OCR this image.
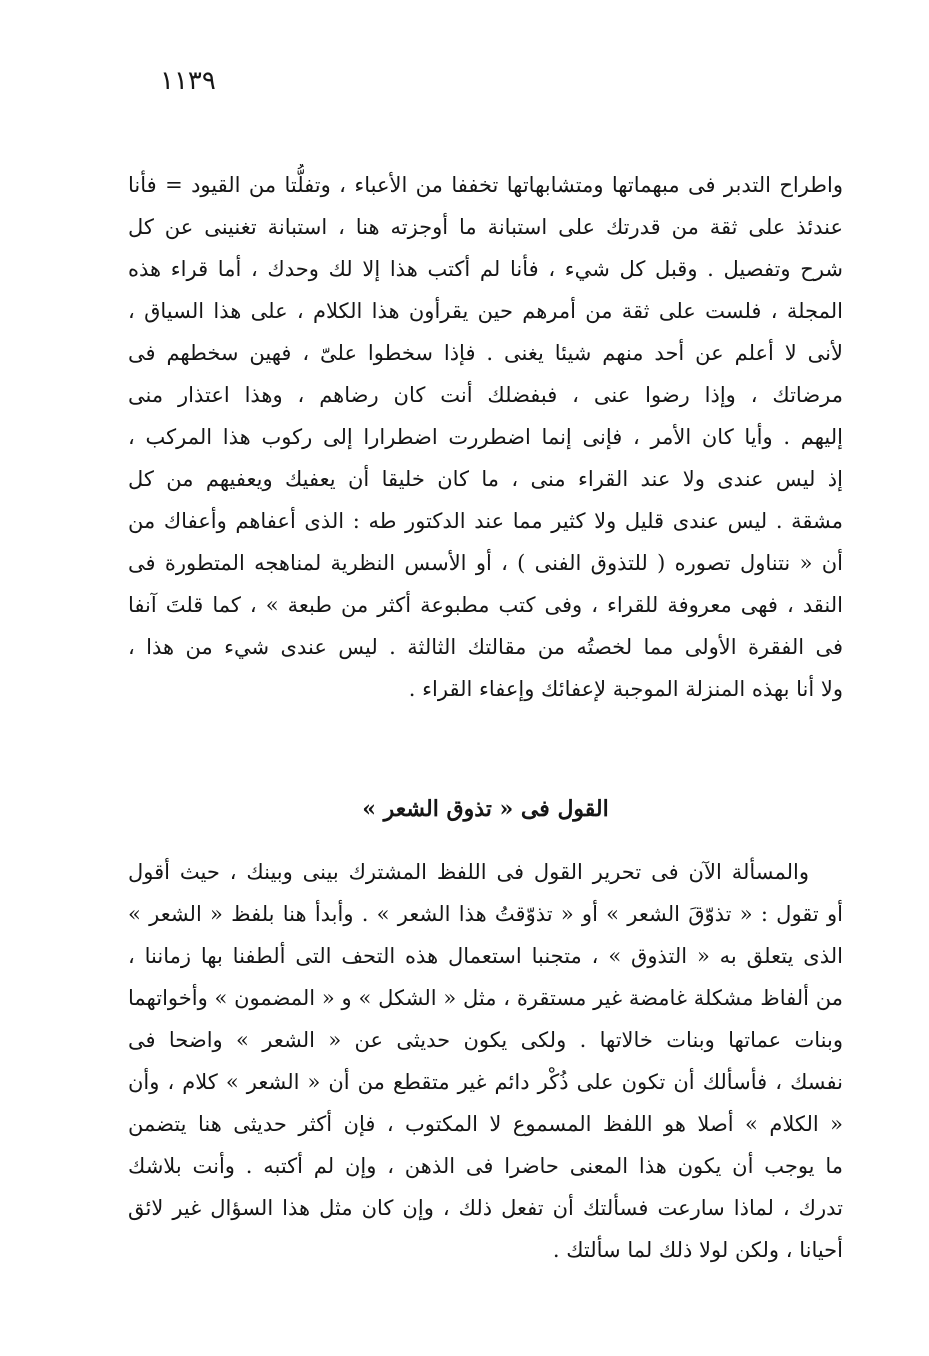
١١٣٩
واطراح التدبر فى مبهماتها ومتشابهاتها تخففا من الأعباء ، وتفلُّتا من القيود = فأنا
عندئذ على ثقة من قدرتك على استبانة ما أوجزته هنا ، استبانة تغنينى عن كل
شرح وتفصيل . وقبل كل شيء ، فأنا لم أكتب هذا إلا لك وحدك ، أما قراء هذه
المجلة ، فلست على ثقة من أمرهم حين يقرأون هذا الكلام ، على هذا السياق ،
لأنى لا أعلم عن أحد منهم شيئا يغنى . فإذا سخطوا علىّ ، فهين سخطهم فى
مرضاتك ، وإذا رضوا عنى ، فبفضلك أنت كان رضاهم ، وهذا اعتذار منى
إليهم . وأيا كان الأمر ، فإنى إنما اضطررت اضطرارا إلى ركوب هذا المركب ،
إذ ليس عندى ولا عند القراء منى ، ما كان خليقا أن يعفيك ويعفيهم من كل
مشقة . ليس عندى قليل ولا كثير مما عند الدكتور طه : الذى أعفاهم وأعفاك من
أن « نتناول تصوره ( للتذوق الفنى ) ، أو الأسس النظرية لمناهجه المتطورة فى
النقد ، فهى معروفة للقراء ، وفى كتب مطبوعة أكثر من طبعة » ، كما قلتَ آنفا
فى الفقرة الأولى مما لخصتُه من مقالتك الثالثة . ليس عندى شيء من هذا ،
ولا أنا بهذه المنزلة الموجبة لإعفائك وإعفاء القراء .
القول فى « تذوق الشعر »
والمسألة الآن فى تحرير القول فى اللفظ المشترك بينى وبينك ، حيث أقول
أو تقول : « تذوّقَ الشعر » أو « تذوّقتُ هذا الشعر » . وأبدأ هنا بلفظ « الشعر »
الذى يتعلق به « التذوق » ، متجنبا استعمال هذه التحف التى ألطفنا بها زماننا ،
من ألفاظ مشكلة غامضة غير مستقرة ، مثل « الشكل » و « المضمون » وأخواتهما
وبنات عماتها وبنات خالاتها . ولكى يكون حديثى عن « الشعر » واضحا فى
نفسك ، فأسألك أن تكون على ذُكْر دائم غير متقطع من أن « الشعر » كلام ، وأن
« الكلام » أصلا هو اللفظ المسموع لا المكتوب ، فإن أكثر حديثى هنا يتضمن
ما يوجب أن يكون هذا المعنى حاضرا فى الذهن ، وإن لم أكتبه . وأنت بلاشك
تدرك ، لماذا سارعت فسألتك أن تفعل ذلك ، وإن كان مثل هذا السؤال غير لائق
أحيانا ، ولكن لولا ذلك لما سألتك .
